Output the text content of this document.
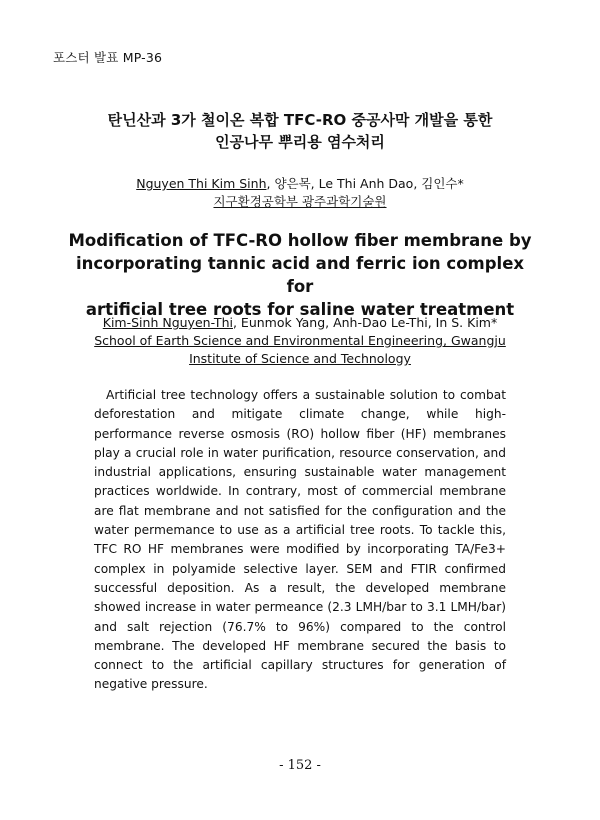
포스터 발표 MP-36
탄닌산과 3가 철이온 복합 TFC-RO 중공사막 개발을 통한
인공나무 뿌리용 염수처리
Nguyen Thi Kim Sinh, 양은목, Le Thi Anh Dao, 김인수*
지구환경공학부 광주과학기술원
Modification of TFC-RO hollow fiber membrane by
incorporating tannic acid and ferric ion complex for
artificial tree roots for saline water treatment
Kim-Sinh Nguyen-Thi, Eunmok Yang, Anh-Dao Le-Thi, In S. Kim*
School of Earth Science and Environmental Engineering, Gwangju Institute of Science and Technology

Artificial tree technology offers a sustainable solution to combat deforestation and mitigate climate change, while high-performance reverse osmosis (RO) hollow fiber (HF) membranes play a crucial role in water purification, resource conservation, and industrial applications, ensuring sustainable water management practices worldwide. In contrary, most of commercial membrane are flat membrane and not satisfied for the configuration and the water permemance to use as a artificial tree roots. To tackle this, TFC RO HF membranes were modified by incorporating TA/Fe3+ complex in polyamide selective layer. SEM and FTIR confirmed successful deposition. As a result, the developed membrane showed increase in water permeance (2.3 LMH/bar to 3.1 LMH/bar) and salt rejection (76.7% to 96%) compared to the control membrane. The developed HF membrane secured the basis to connect to the artificial capillary structures for generation of negative pressure.

- 152 -
